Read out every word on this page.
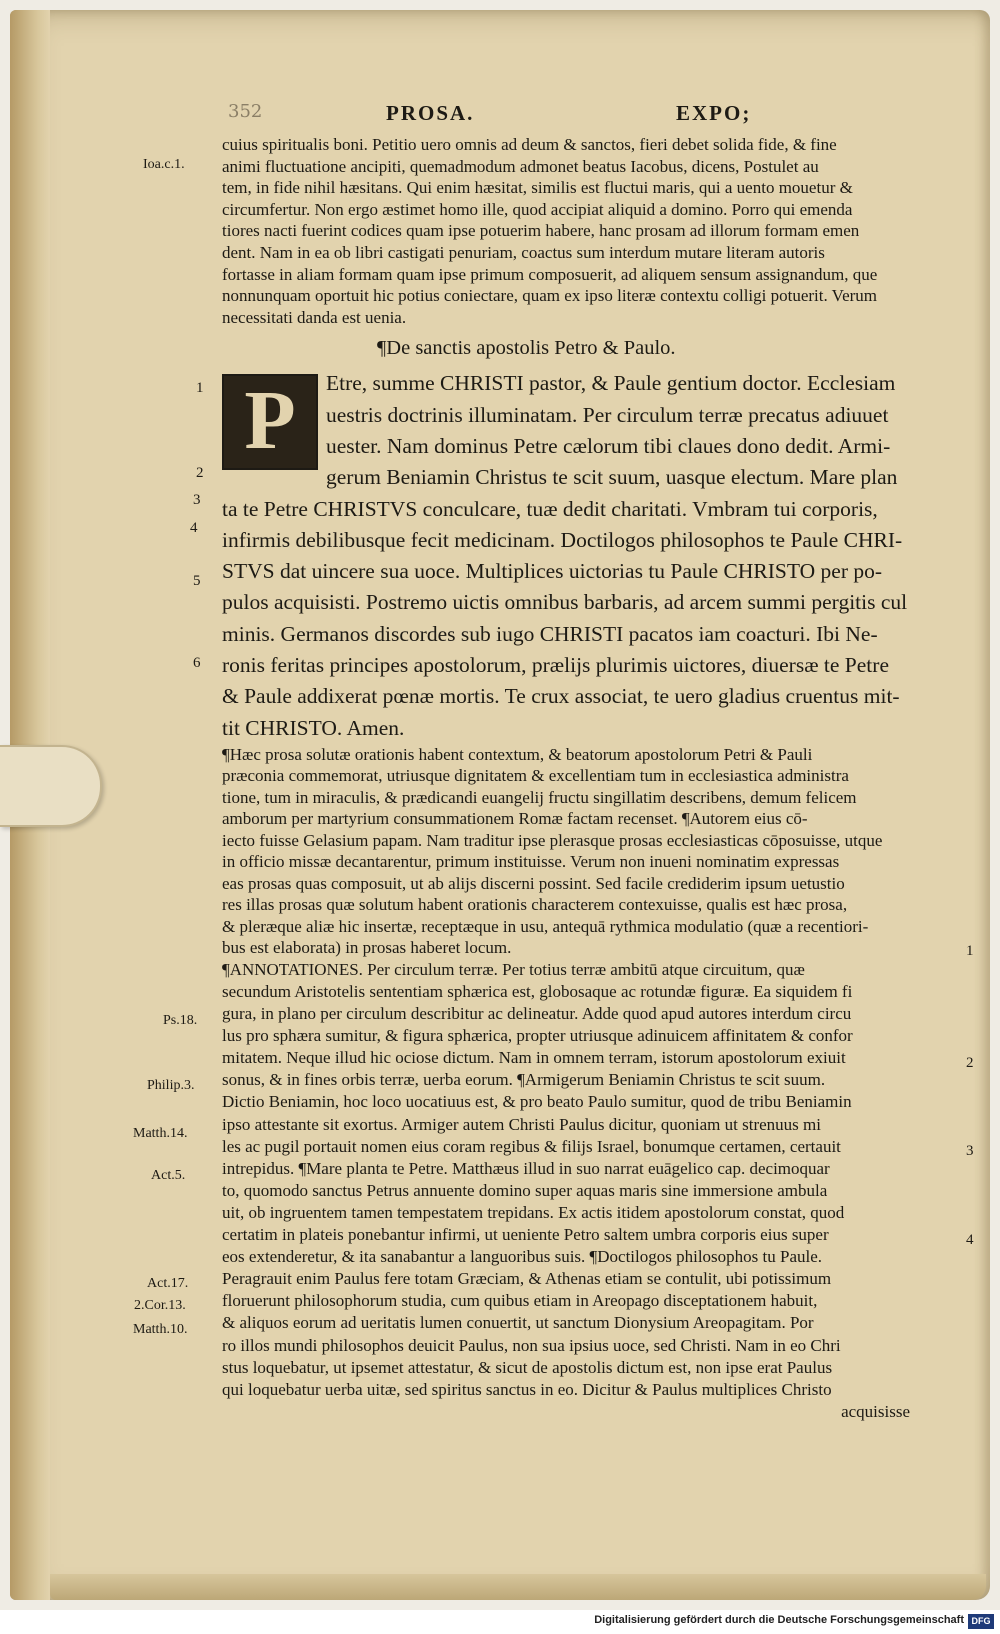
352	PROSA.	EXPO;
Ioa.c.1.
Ps.18.
Philip.3.
Matth.14.
Act.5.
Act.17.
2.Cor.13.
Matth.10.
1
2
3
4
5
6
1
2
3
4
cuius spiritualis boni. Petitio uero omnis ad deum & sanctos, fieri debet solida fide, & fine
animi fluctuatione ancipiti, quemadmodum admonet beatus Iacobus, dicens, Postulet au
tem, in fide nihil hæsitans. Qui enim hæsitat, similis est fluctui maris, qui a uento mouetur &
circumfertur. Non ergo æstimet homo ille, quod accipiat aliquid a domino. Porro qui emenda
tiores nacti fuerint codices quam ipse potuerim habere, hanc prosam ad illorum formam emen
dent. Nam in ea ob libri castigati penuriam, coactus sum interdum mutare literam autoris
fortasse in aliam formam quam ipse primum composuerit, ad aliquem sensum assignandum, que
nonnunquam oportuit hic potius coniectare, quam ex ipso literæ contextu colligi potuerit. Verum
necessitati danda est uenia.
¶De sanctis apostolis Petro & Paulo.
P	Etre, summe CHRISTI pastor, & Paule gentium doctor. Ecclesiam
uestris doctrinis illuminatam. Per circulum terræ precatus adiuuet
uester. Nam dominus Petre cælorum tibi claues dono dedit. Armi-
gerum Beniamin Christus te scit suum, uasque electum. Mare plan
ta te Petre CHRISTVS conculcare, tuæ dedit charitati. Vmbram tui corporis,
infirmis debilibusque fecit medicinam. Doctilogos philosophos te Paule CHRI-
STVS dat uincere sua uoce. Multiplices uictorias tu Paule CHRISTO per po-
pulos acquisisti. Postremo uictis omnibus barbaris, ad arcem summi pergitis cul
minis. Germanos discordes sub iugo CHRISTI pacatos iam coacturi. Ibi Ne-
ronis feritas principes apostolorum, prælijs plurimis uictores, diuersæ te Petre
& Paule addixerat pœnæ mortis. Te crux associat, te uero gladius cruentus mit-
tit CHRISTO. Amen.
¶Hæc prosa solutæ orationis habent contextum, & beatorum apostolorum Petri & Pauli
præconia commemorat, utriusque dignitatem & excellentiam tum in ecclesiastica administra
tione, tum in miraculis, & prædicandi euangelij fructu singillatim describens, demum felicem
amborum per martyrium consummationem Romæ factam recenset. ¶Autorem eius cō-
iecto fuisse Gelasium papam. Nam traditur ipse plerasque prosas ecclesiasticas cōposuisse, utque
in officio missæ decantarentur, primum instituisse. Verum non inueni nominatim expressas
eas prosas quas composuit, ut ab alijs discerni possint. Sed facile crediderim ipsum uetustio
res illas prosas quæ solutum habent orationis characterem contexuisse, qualis est hæc prosa,
& pleræque aliæ hic insertæ, receptæque in usu, antequā rythmica modulatio (quæ a recentiori-
bus est elaborata) in prosas haberet locum.
¶ANNOTATIONES. Per circulum terræ. Per totius terræ ambitū atque circuitum, quæ
secundum Aristotelis sententiam sphærica est, globosaque ac rotundæ figuræ. Ea siquidem fi
gura, in plano per circulum describitur ac delineatur. Adde quod apud autores interdum circu
lus pro sphæra sumitur, & figura sphærica, propter utriusque adinuicem affinitatem & confor
mitatem. Neque illud hic ociose dictum. Nam in omnem terram, istorum apostolorum exiuit
sonus, & in fines orbis terræ, uerba eorum. ¶Armigerum Beniamin Christus te scit suum.
Dictio Beniamin, hoc loco uocatiuus est, & pro beato Paulo sumitur, quod de tribu Beniamin
ipso attestante sit exortus. Armiger autem Christi Paulus dicitur, quoniam ut strenuus mi
les ac pugil portauit nomen eius coram regibus & filijs Israel, bonumque certamen, certauit
intrepidus. ¶Mare planta te Petre. Matthæus illud in suo narrat euāgelico cap. decimoquar
to, quomodo sanctus Petrus annuente domino super aquas maris sine immersione ambula
uit, ob ingruentem tamen tempestatem trepidans. Ex actis itidem apostolorum constat, quod
certatim in plateis ponebantur infirmi, ut ueniente Petro saltem umbra corporis eius super
eos extenderetur, & ita sanabantur a languoribus suis. ¶Doctilogos philosophos tu Paule.
Peragrauit enim Paulus fere totam Græciam, & Athenas etiam se contulit, ubi potissimum
floruerunt philosophorum studia, cum quibus etiam in Areopago disceptationem habuit,
& aliquos eorum ad ueritatis lumen conuertit, ut sanctum Dionysium Areopagitam. Por
ro illos mundi philosophos deuicit Paulus, non sua ipsius uoce, sed Christi. Nam in eo Chri
stus loquebatur, ut ipsemet attestatur, & sicut de apostolis dictum est, non ipse erat Paulus
qui loquebatur uerba uitæ, sed spiritus sanctus in eo. Dicitur & Paulus multiplices Christo
acquisisse
Digitalisierung gefördert durch die Deutsche Forschungsgemeinschaft DFG
